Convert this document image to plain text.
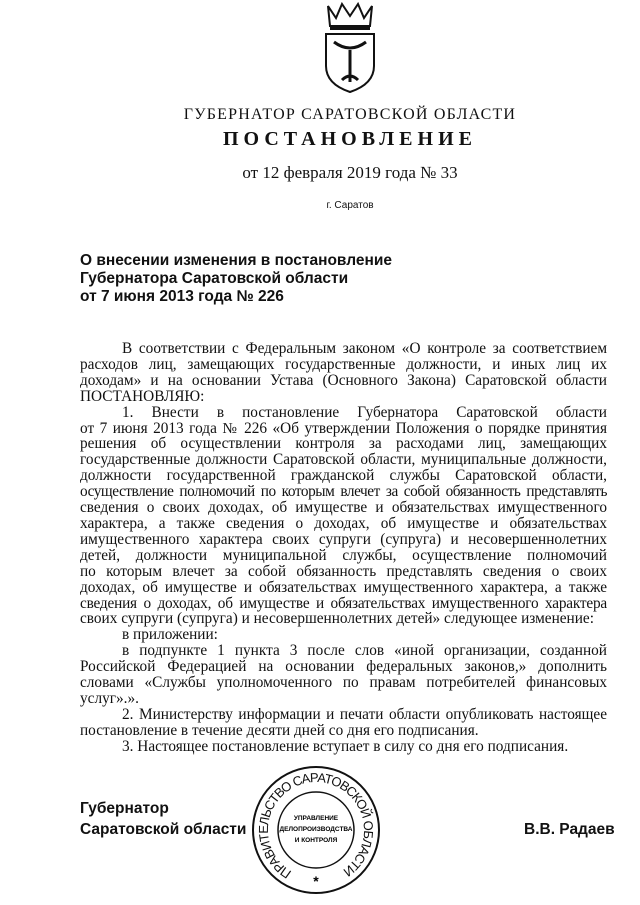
ГУБЕРНАТОР САРАТОВСКОЙ ОБЛАСТИ
ПОСТАНОВЛЕНИЕ
от 12 февраля 2019 года № 33
г. Саратов
О внесении изменения в постановление
Губернатора Саратовской области
от 7 июня 2013 года № 226
В соответствии с Федеральным законом «О контроле за соответствием
расходов лиц, замещающих государственные должности, и иных лиц их
доходам» и на основании Устава (Основного Закона) Саратовской области
ПОСТАНОВЛЯЮ:
1. Внести в постановление Губернатора Саратовской области
от 7 июня 2013 года № 226 «Об утверждении Положения о порядке принятия
решения об осуществлении контроля за расходами лиц, замещающих
государственные должности Саратовской области, муниципальные должности,
должности государственной гражданской службы Саратовской области,
осуществление полномочий по которым влечет за собой обязанность представлять
сведения о своих доходах, об имуществе и обязательствах имущественного
характера, а также сведения о доходах, об имуществе и обязательствах
имущественного характера своих супруги (супруга) и несовершеннолетних
детей, должности муниципальной службы, осуществление полномочий
по которым влечет за собой обязанность представлять сведения о своих
доходах, об имуществе и обязательствах имущественного характера, а также
сведения о доходах, об имуществе и обязательствах имущественного характера
своих супруги (супруга) и несовершеннолетних детей» следующее изменение:
в приложении:
в подпункте 1 пункта 3 после слов «иной организации, созданной
Российской Федерацией на основании федеральных законов,» дополнить
словами «Службы уполномоченного по правам потребителей финансовых
услуг».».
2. Министерству информации и печати области опубликовать настоящее
постановление в течение десяти дней со дня его подписания.
3. Настоящее постановление вступает в силу со дня его подписания.
Губернатор
Саратовской области	В.В. Радаев
ПРАВИТЕЛЬСТВО САРАТОВСКОЙ ОБЛАСТИ
УПРАВЛЕНИЕ
ДЕЛОПРОИЗВОДСТВА
И КОНТРОЛЯ
*
